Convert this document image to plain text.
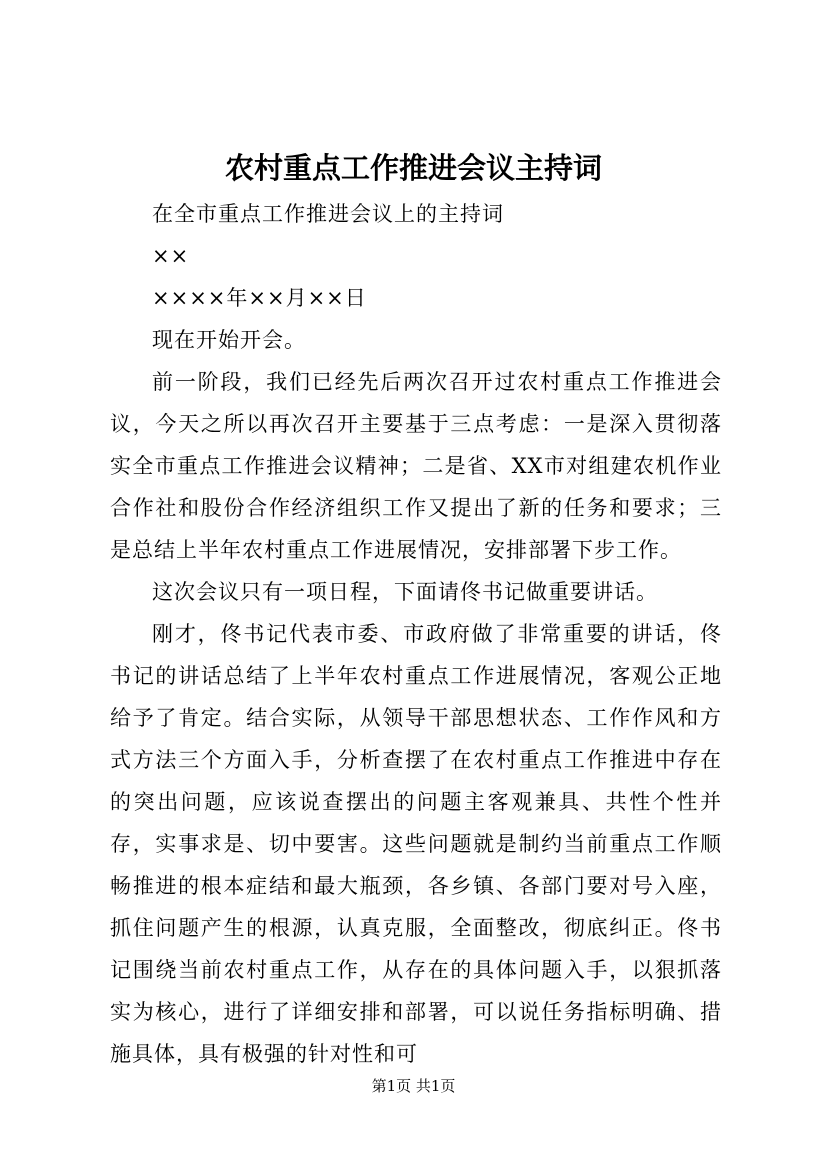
农村重点工作推进会议主持词

在全市重点工作推进会议上的主持词

××

××××年××月××日

现在开始开会。

前一阶段，我们已经先后两次召开过农村重点工作推进会议，今天之所以再次召开主要基于三点考虑：一是深入贯彻落实全市重点工作推进会议精神；二是省、XX市对组建农机作业合作社和股份合作经济组织工作又提出了新的任务和要求；三是总结上半年农村重点工作进展情况，安排部署下步工作。

这次会议只有一项日程，下面请佟书记做重要讲话。

刚才，佟书记代表市委、市政府做了非常重要的讲话，佟书记的讲话总结了上半年农村重点工作进展情况，客观公正地给予了肯定。结合实际，从领导干部思想状态、工作作风和方式方法三个方面入手，分析查摆了在农村重点工作推进中存在的突出问题，应该说查摆出的问题主客观兼具、共性个性并存，实事求是、切中要害。这些问题就是制约当前重点工作顺畅推进的根本症结和最大瓶颈，各乡镇、各部门要对号入座，抓住问题产生的根源，认真克服，全面整改，彻底纠正。佟书记围绕当前农村重点工作，从存在的具体问题入手，以狠抓落实为核心，进行了详细安排和部署，可以说任务指标明确、措施具体，具有极强的针对性和可

第1页 共1页
